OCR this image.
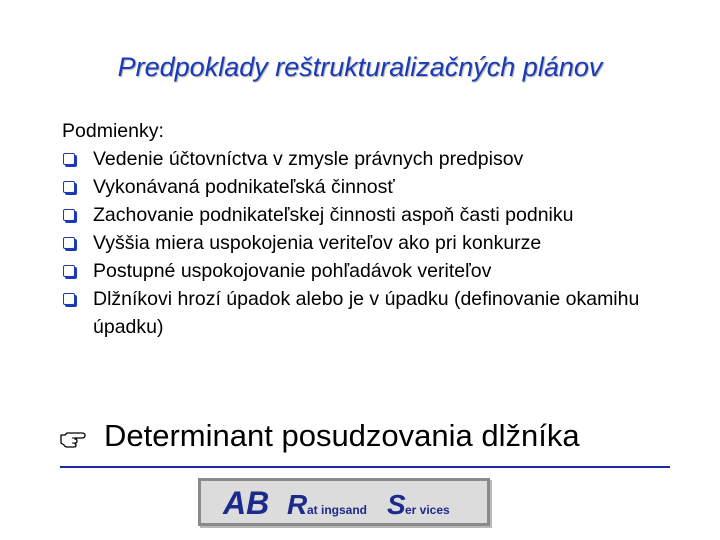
Predpoklady reštrukturalizačných plánov

Podmienky:

Vedenie účtovníctva v zmysle právnych predpisov
Vykonávaná podnikateľská činnosť
Zachovanie podnikateľskej činnosti aspoň časti podniku
Vyššia miera uspokojenia veriteľov ako pri konkurze
Postupné uspokojovanie pohľadávok veriteľov
Dlžníkovi hrozí úpadok alebo je v úpadku (definovanie okamihu úpadku)
Determinant posudzovania dlžníka
AB R at ingsand S er vices
